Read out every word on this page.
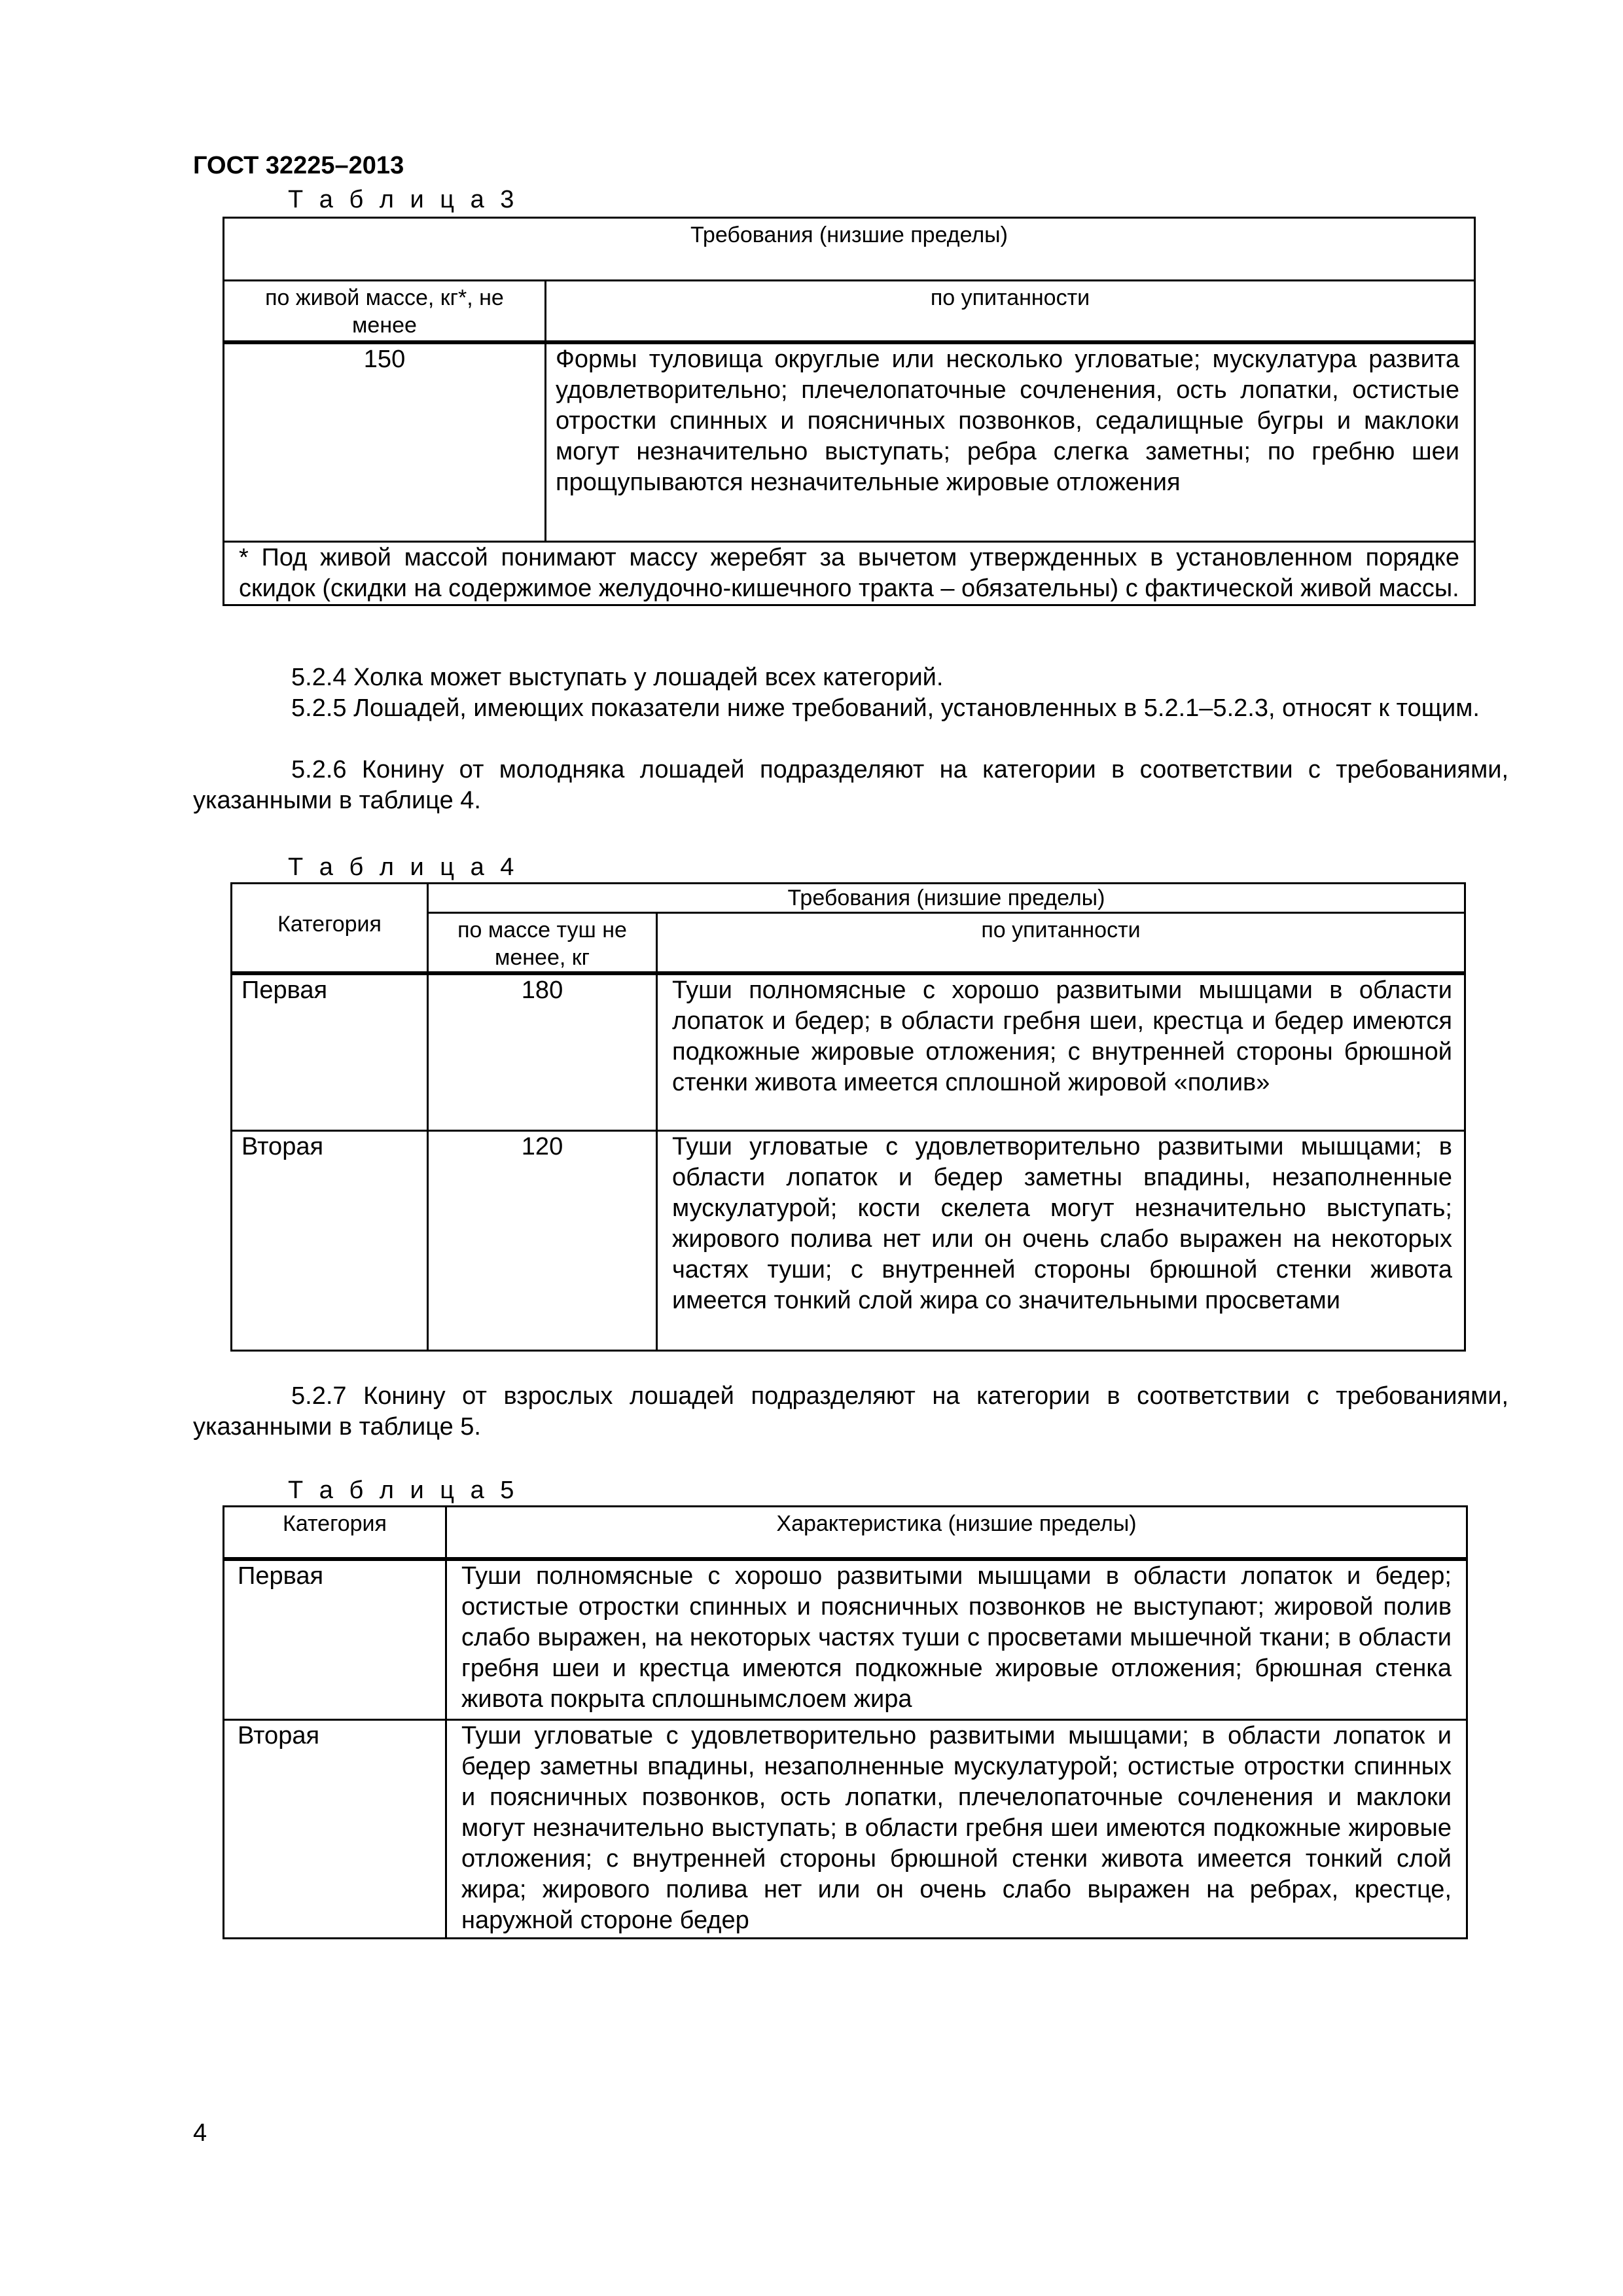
ГОСТ 32225–2013
Т а б л и ц а 3
Требования (низшие пределы)	
по живой массе, кг*, не менее	по упитанности
150	Формы туловища округлые или несколько угловатые; мускулатура развита удовлетворительно; плечелопаточные сочленения, ость лопатки, остистые отростки спинных и поясничных позвонков, седалищные бугры и маклоки могут незначительно выступать; ребра слегка заметны; по гребню шеи прощупываются незначительные жировые отложения
* Под живой массой понимают массу жеребят за вычетом утвержденных в установленном порядке скидок (скидки на содержимое желудочно-кишечного тракта – обязательны) с фактической живой массы.	

5.2.4 Холка может выступать у лошадей всех категорий.

5.2.5 Лошадей, имеющих показатели ниже требований, установленных в 5.2.1–5.2.3, относят к тощим.

5.2.6 Конину от молодняка лошадей подразделяют на категории в соответствии с требованиями, указанными в таблице 4.

Т а б л и ц а 4
Категория	Требования (низшие пределы)	
	по массе туш не менее, кг	по упитанности
Первая	180	Туши полномясные с хорошо развитыми мышцами в области лопаток и бедер; в области гребня шеи, крестца и бедер имеются подкожные жировые отложения; с внутренней стороны брюшной стенки живота имеется сплошной жировой «полив»
Вторая	120	Туши угловатые с удовлетворительно развитыми мышцами; в области лопаток и бедер заметны впадины, незаполненные мускулатурой; кости скелета могут незначительно выступать; жирового полива нет или он очень слабо выражен на некоторых частях туши; с внутренней стороны брюшной стенки живота имеется тонкий слой жира со значительными просветами

5.2.7 Конину от взрослых лошадей подразделяют на категории в соответствии с требованиями, указанными в таблице 5.

Т а б л и ц а 5
Категория	Характеристика (низшие пределы)
Первая	Туши полномясные с хорошо развитыми мышцами в области лопаток и бедер; остистые отростки спинных и поясничных позвонков не выступают; жировой полив слабо выражен, на некоторых частях туши с просветами мышечной ткани; в области гребня шеи и крестца имеются подкожные жировые отложения; брюшная стенка живота покрыта сплошнымслоем жира
Вторая	Туши угловатые с удовлетворительно развитыми мышцами; в области лопаток и бедер заметны впадины, незаполненные мускулатурой; остистые отростки спинных и поясничных позвонков, ость лопатки, плечелопаточные сочленения и маклоки могут незначительно выступать; в области гребня шеи имеются подкожные жировые отложения; с внутренней стороны брюшной стенки живота имеется тонкий слой жира; жирового полива нет или он очень слабо выражен на ребрах, крестце, наружной стороне бедер
4
